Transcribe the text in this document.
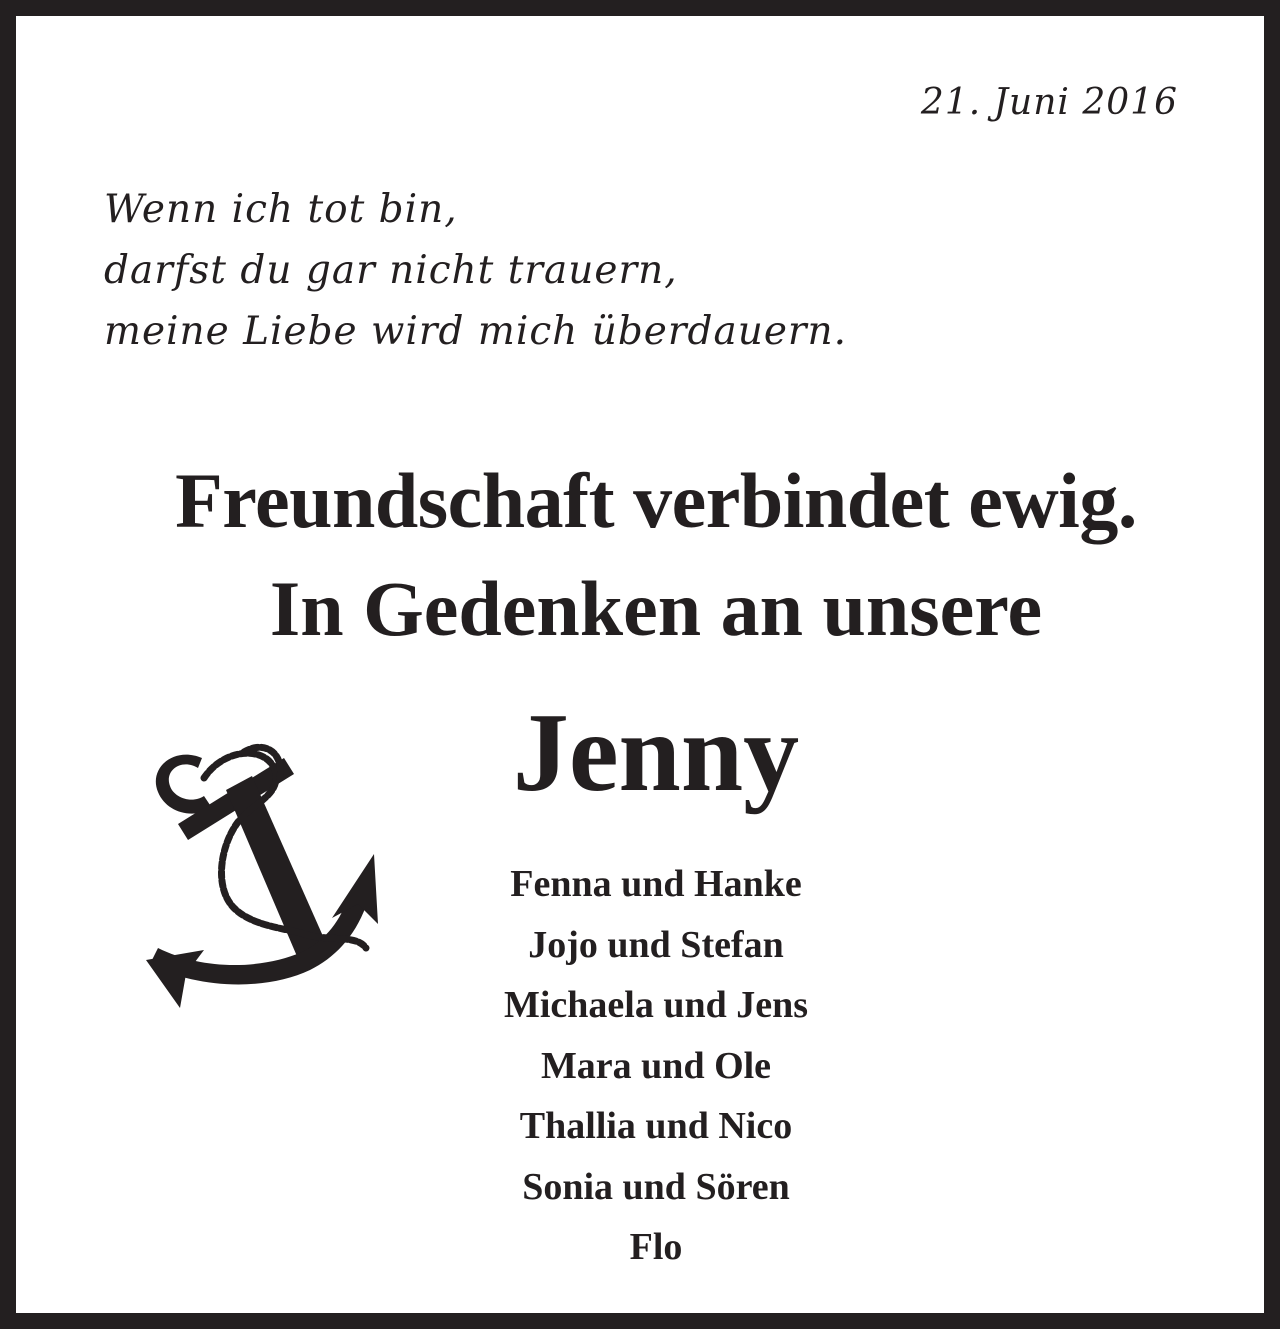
21. Juni 2016
Wenn ich tot bin,
darfst du gar nicht trauern,
meine Liebe wird mich überdauern.
Freundschaft verbindet ewig.
In Gedenken an unsere
Jenny
Fenna und Hanke
Jojo und Stefan
Michaela und Jens
Mara und Ole
Thallia und Nico
Sonia und Sören
Flo
